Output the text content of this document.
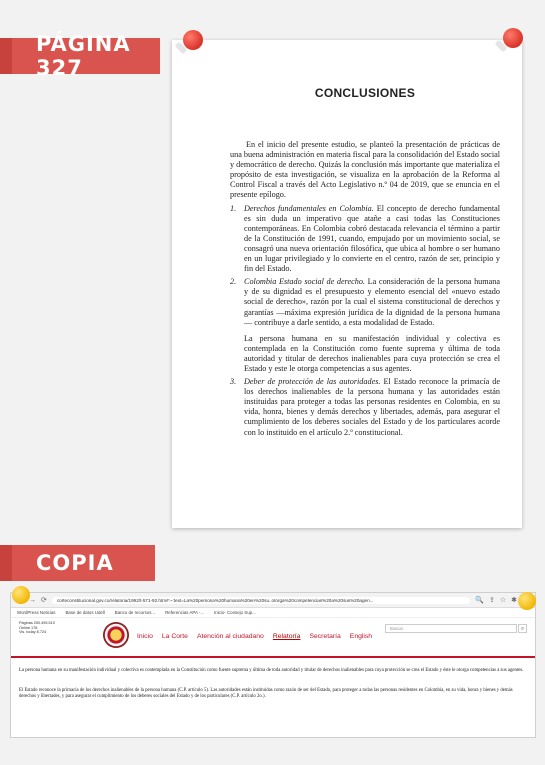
PÁGINA 327
CONCLUSIONES

En el inicio del presente estudio, se planteó la presentación de prácticas de una buena administración en materia fiscal para la consolidación del Estado social y democrático de derecho. Quizás la conclusión más importante que materializa el propósito de esta investigación, se visualiza en la aprobación de la Reforma al Control Fiscal a través del Acto Legislativo n.º 04 de 2019, que se enuncia en el presente epílogo.

1. Derechos fundamentales en Colombia. El concepto de derecho fundamental es sin duda un imperativo que atañe a casi todas las Constituciones contemporáneas. En Colombia cobró destacada relevancia el término a partir de la Constitución de 1991, cuando, empujado por un movimiento social, se consagró una nueva orientación filosófica, que ubica al hombre o ser humano en un lugar privilegiado y lo convierte en el centro, razón de ser, principio y fin del Estado.

2. Colombia Estado social de derecho. La consideración de la persona humana y de su dignidad es el presupuesto y elemento esencial del «nuevo estado social de derecho», razón por la cual el sistema constitucional de derechos y garantías —máxima expresión jurídica de la dignidad de la persona humana— contribuye a darle sentido, a esta modalidad de Estado.

La persona humana en su manifestación individual y colectiva es contemplada en la Constitución como fuente suprema y última de toda autoridad y titular de derechos inalienables para cuya protección se crea el Estado y este le otorga competencias a sus agentes.

3. Deber de protección de las autoridades. El Estado reconoce la primacía de los derechos inalienables de la persona humana y las autoridades están instituidas para proteger a todas las personas residentes en Colombia, en su vida, honra, bienes y demás derechos y libertades, además, para asegurar el cumplimiento de los deberes sociales del Estado y de los particulares acorde con lo instituido en el artículo 2.º constitucional.

COPIA
→ ⟳	corteconstitucional.gov.co/relatoria/1992/t-571-92.htm#:~:text=La%20persona%20humana%20en%20su..otorga%20competencias%20a%20sus%20agen...	🔍 ⇪ ☆ ✱
WordPress Noticias Base de datos Udell Banco de recursos... Referencias APA -... Inicio- Consejo Sup...
Páginas 250.495.510
Online 178
Vis. today 8.724
Inicio La Corte Atención al ciudadano Relatoría Secretaría English
Buscar	⌕

La persona humana en su manifestación individual y colectiva es contemplada en la Constitución como fuente suprema y última de toda autoridad y titular de derechos inalienables para cuya protección se crea el Estado y éste le otorga competencias a sus agentes.

El Estado reconoce la primacía de los derechos inalienables de la persona humana (C.P. artículo 5). Las autoridades están instituidas como razón de ser del Estado, para proteger a todas las personas residentes en Colombia, en su vida, honra y bienes y demás derechos y libertades, y para asegurar el cumplimiento de los deberes sociales del Estado y de los particulares (C.P. artículo 2o.).
